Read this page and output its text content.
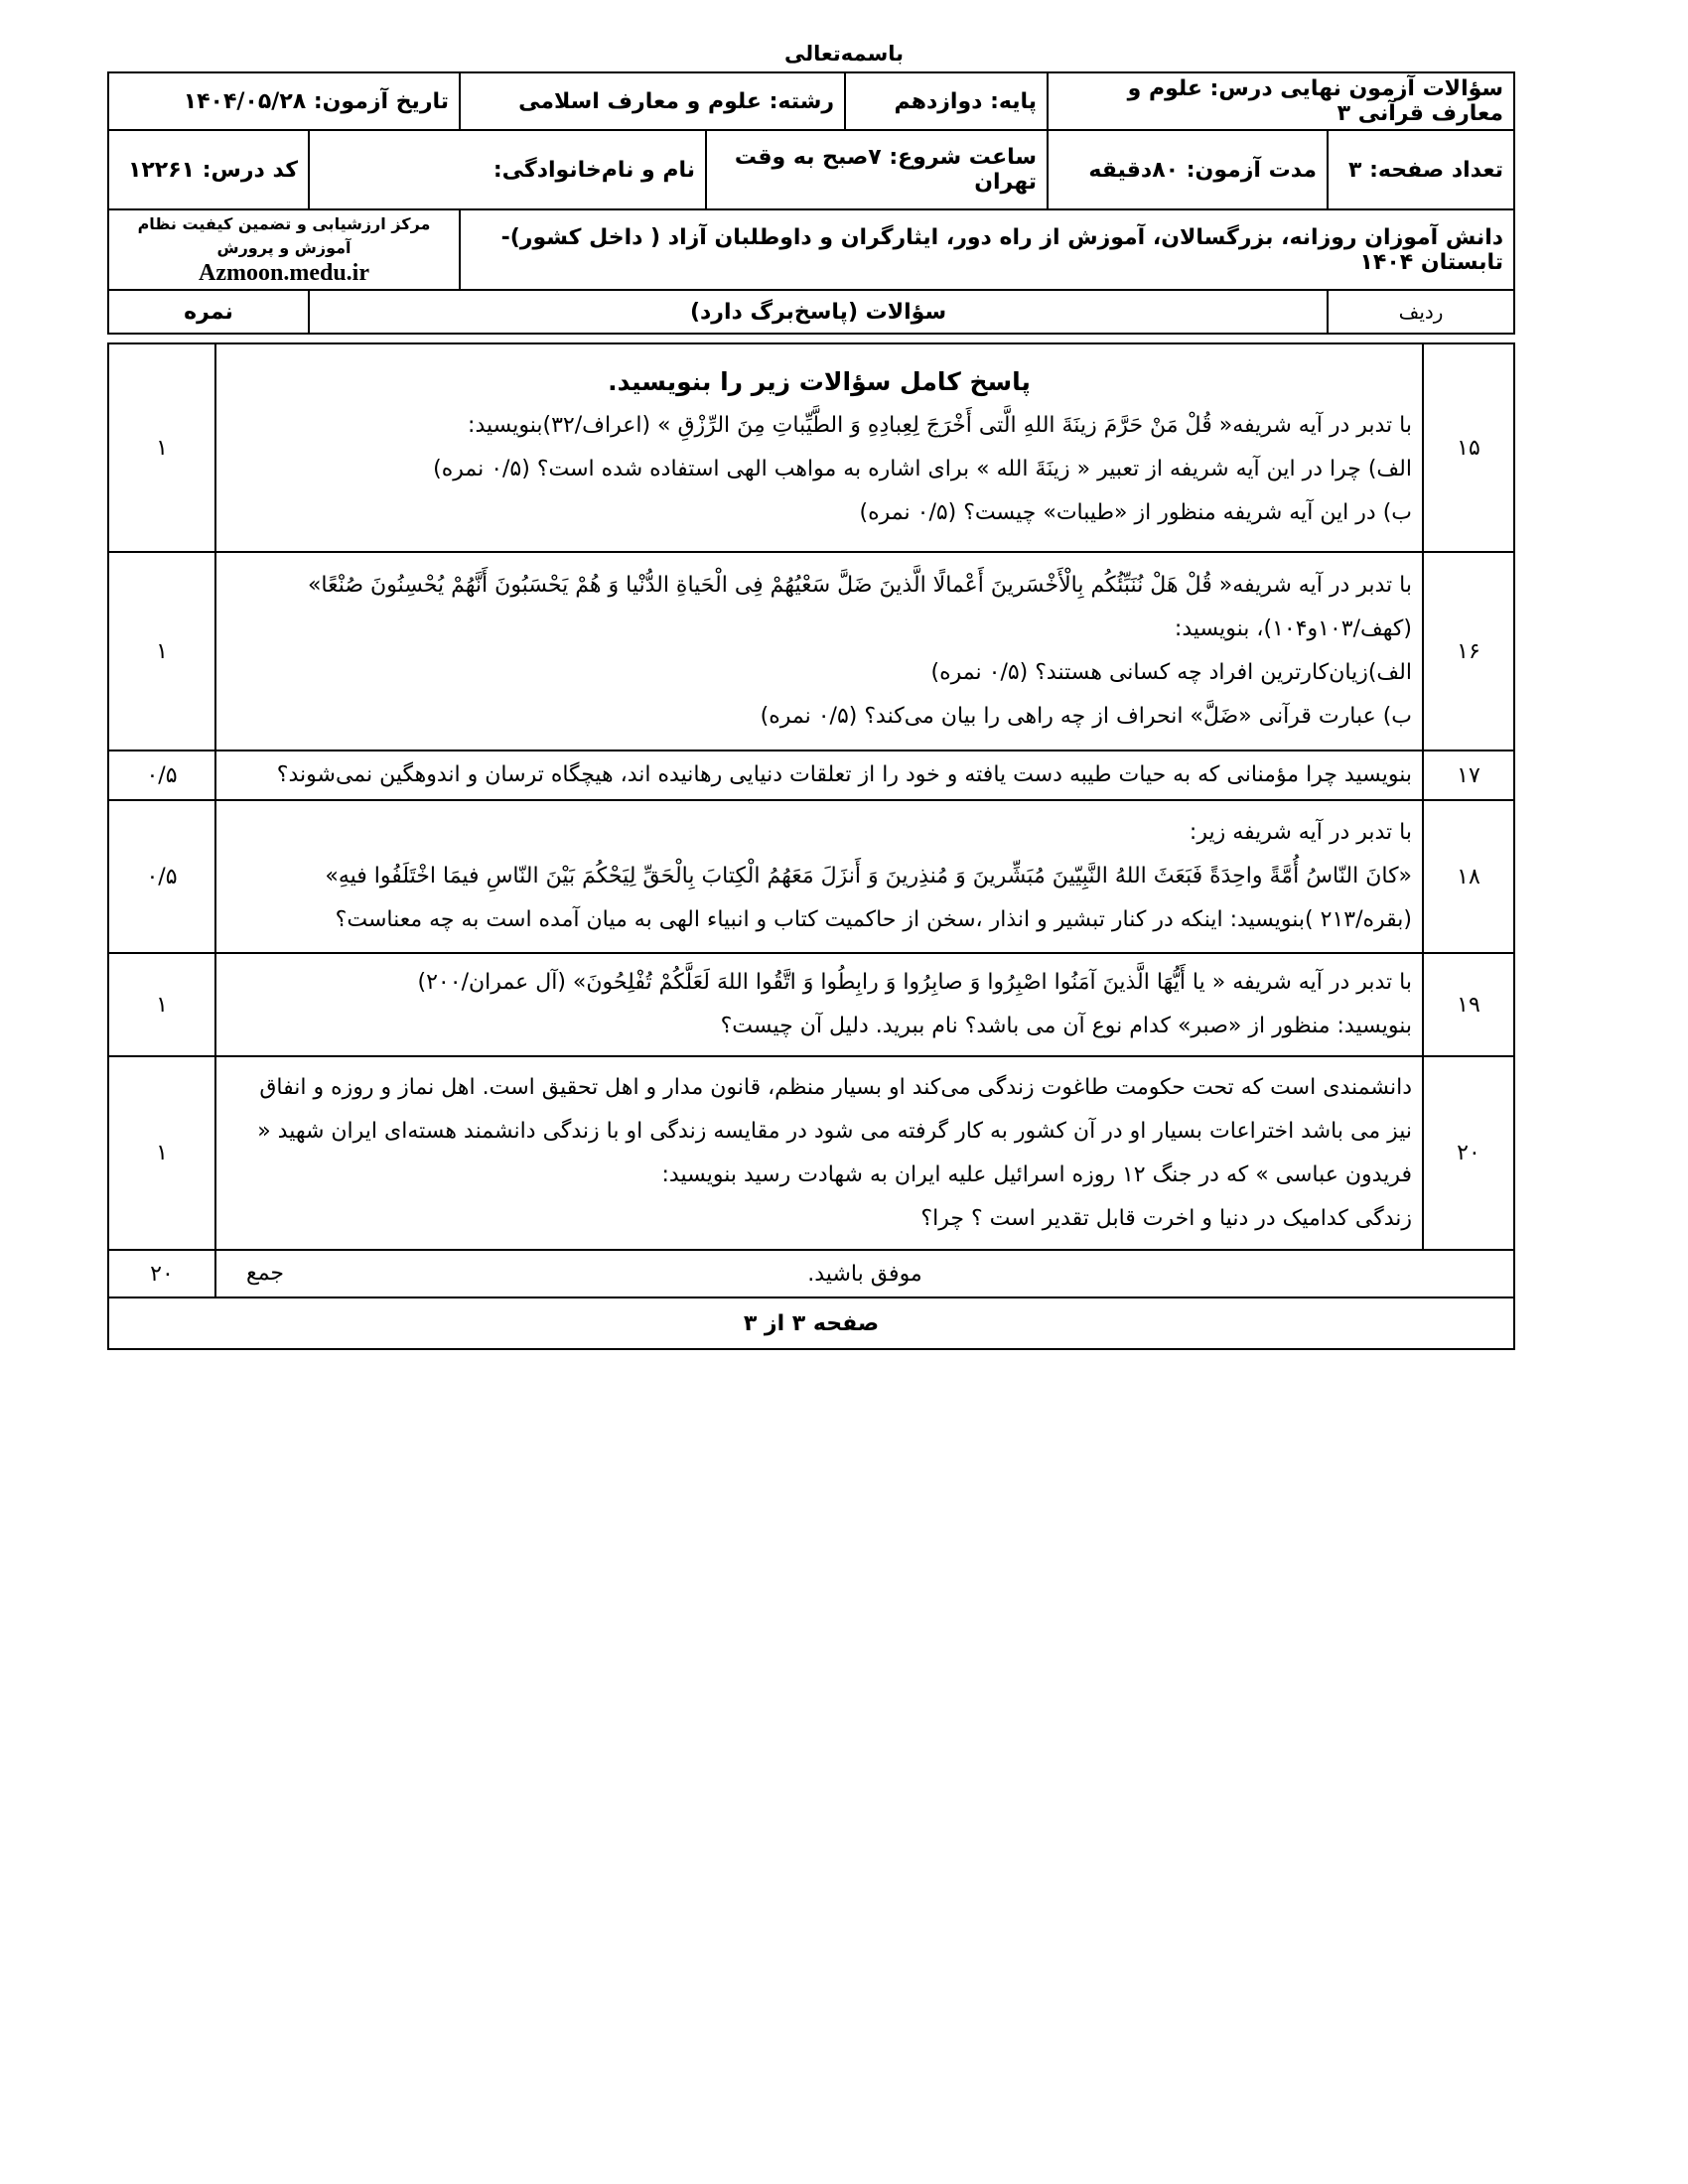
باسمه‌تعالی
سؤالات آزمون نهایی درس: علوم و معارف قرآنی ۳		پایه: دوازدهم	رشته: علوم و معارف اسلامی		تاریخ آزمون: ۱۴۰۴/۰۵/۲۸	
تعداد صفحه: ۳	مدت آزمون: ۸۰دقیقه	ساعت شروع: ۷صبح به وقت تهران		نام و نام‌خانوادگی:		کد درس: ۱۲۲۶۱
دانش آموزان روزانه، بزرگسالان، آموزش از راه دور، ایثارگران و داوطلبان آزاد ( داخل کشور)- تابستان ۱۴۰۴					مرکز ارزشیابی و تضمین کیفیت نظام آموزش و پرورش
Azmoon.medu.ir	

ردیف	سؤالات (پاسخ‌برگ دارد)					نمره
۱۵	پاسخ کامل سؤالات زیر را بنویسید.

با تدبر در آیه شریفه« قُلْ مَنْ حَرَّمَ زینَةَ اللهِ الَّتی أَخْرَجَ لِعِبادِهِ وَ الطَّیِّباتِ مِنَ الرِّزْقِ » (اعراف/۳۲)بنویسید:

الف) چرا در این آیه شریفه از تعبیر « زینَةَ الله » برای اشاره به مواهب الهی استفاده شده است؟ (۰/۵ نمره)

ب) در این آیه شریفه منظور از «طیبات» چیست؟ (۰/۵ نمره)	۱
۱۶	با تدبر در آیه شریفه« قُلْ هَلْ نُنَبِّئُکُم بِالْأَخْسَرینَ أَعْمالًا الَّذینَ ضَلَّ سَعْیُهُمْ فِی الْحَیاةِ الدُّنْیا وَ هُمْ یَحْسَبُونَ أَنَّهُمْ یُحْسِنُونَ صُنْعًا»

(کهف/۱۰۳و۱۰۴)، بنویسید:

الف)زیان‌کارترین افراد چه کسانی هستند؟ (۰/۵ نمره)

ب) عبارت قرآنی «ضَلَّ» انحراف از چه راهی را بیان می‌کند؟ (۰/۵ نمره)	۱
۱۷	بنویسید چرا مؤمنانی که به حیات طیبه دست یافته و خود را از تعلقات دنیایی رهانیده اند، هیچگاه ترسان و اندوهگین نمی‌شوند؟	۰/۵
۱۸	با تدبر در آیه شریفه زیر:

«کانَ النّاسُ أُمَّةً واحِدَةً فَبَعَثَ اللهُ النَّبِیّینَ مُبَشِّرینَ وَ مُنذِرینَ وَ أَنزَلَ مَعَهُمُ الْکِتابَ بِالْحَقِّ لِیَحْکُمَ بَیْنَ النّاسِ فیمَا اخْتَلَفُوا فیهِ»

(بقره/۲۱۳ )بنویسید: اینکه در کنار تبشیر و انذار ،سخن از حاکمیت کتاب و انبیاء الهی به میان آمده است به چه معناست؟	۰/۵
۱۹	با تدبر در آیه شریفه « یا أَیُّهَا الَّذینَ آمَنُوا اصْبِرُوا وَ صابِرُوا وَ رابِطُوا وَ اتَّقُوا اللهَ لَعَلَّکُمْ تُفْلِحُونَ» (آل عمران/۲۰۰)

بنویسید: منظور از «صبر» کدام نوع آن می باشد؟ نام ببرید. دلیل آن چیست؟	۱
۲۰	دانشمندی است که تحت حکومت طاغوت زندگی می‌کند او بسیار منظم، قانون مدار و اهل تحقیق است. اهل نماز و روزه و انفاق

نیز می باشد اختراعات بسیار او در آن کشور به کار گرفته می شود در مقایسه زندگی او با زندگی دانشمند هسته‌ای ایران شهید «

فریدون عباسی » که در جنگ ۱۲ روزه اسرائیل علیه ایران به شهادت رسید بنویسید:

زندگی کدامیک در دنیا و اخرت قابل تقدیر است ؟ چرا؟	۱
موفق باشید.
جمع		۲۰
صفحه ۳ از ۳		
